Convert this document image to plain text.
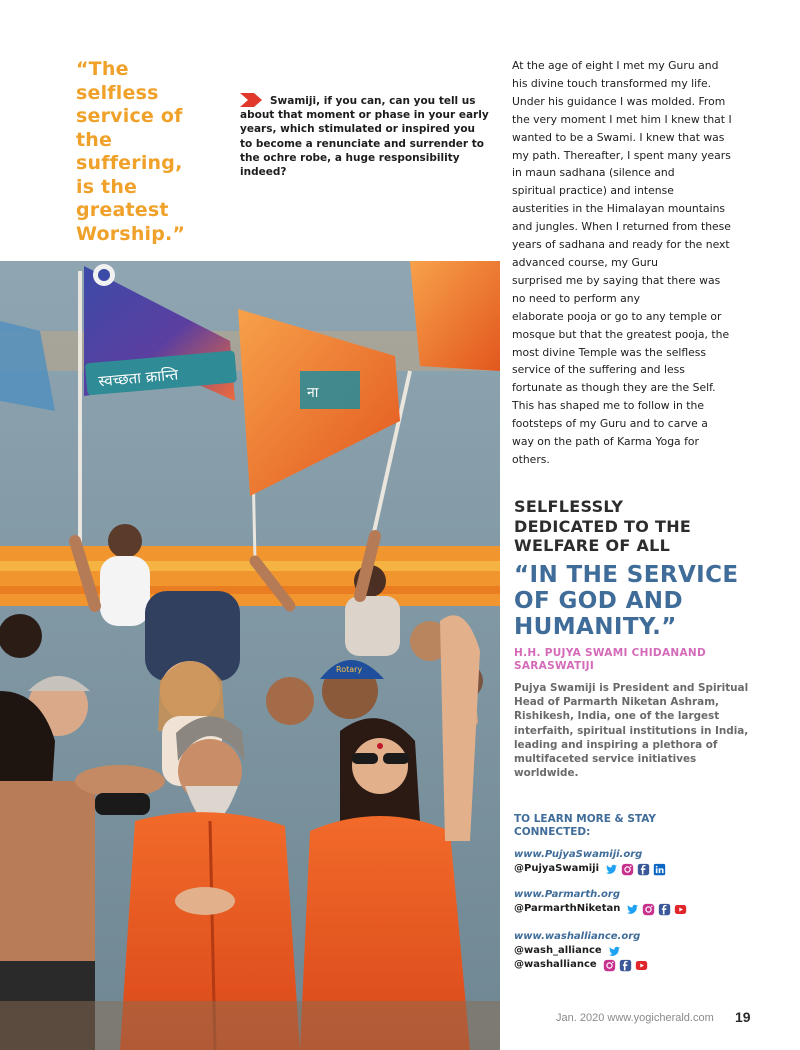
“The
selfless
service of
the
suffering,
is the
greatest
Worship.”
Swamiji, if you can, can you tell us about that moment or phase in your early years, which stimulated or inspired you to become a renunciate and surrender to the ochre robe, a huge responsibility indeed?
At the age of eight I met my Guru and
his divine touch transformed my life.
Under his guidance I was molded. From
the very moment I met him I knew that I
wanted to be a Swami. I knew that was
my path. Thereafter, I spent many years
in maun sadhana (silence and
spiritual practice) and intense
austerities in the Himalayan mountains
and jungles. When I returned from these
years of sadhana and ready for the next
advanced course, my Guru
surprised me by saying that there was
no need to perform any
elaborate pooja or go to any temple or
mosque but that the greatest pooja, the
most divine Temple was the selfless
service of the suffering and less
fortunate as though they are the Self.
This has shaped me to follow in the
footsteps of my Guru and to carve a
way on the path of Karma Yoga for
others.
स्वच्छता क्रान्ति
ना
Rotary
SELFLESSLY
DEDICATED TO THE
WELFARE OF ALL
“IN THE SERVICE
OF GOD AND
HUMANITY.”
H.H. PUJYA SWAMI CHIDANAND
SARASWATIJI
Pujya Swamiji is President and Spiritual Head of Parmarth Niketan Ashram, Rishikesh, India, one of the largest interfaith, spiritual institutions in India, leading and inspiring a plethora of multifaceted service initiatives worldwide.
TO LEARN MORE & STAY
CONNECTED:
www.PujyaSwamiji.org
@PujyaSwamiji
www.Parmarth.org
@ParmarthNiketan
www.washalliance.org
@wash_alliance
@washalliance
Jan. 2020 www.yogicherald.com 19
